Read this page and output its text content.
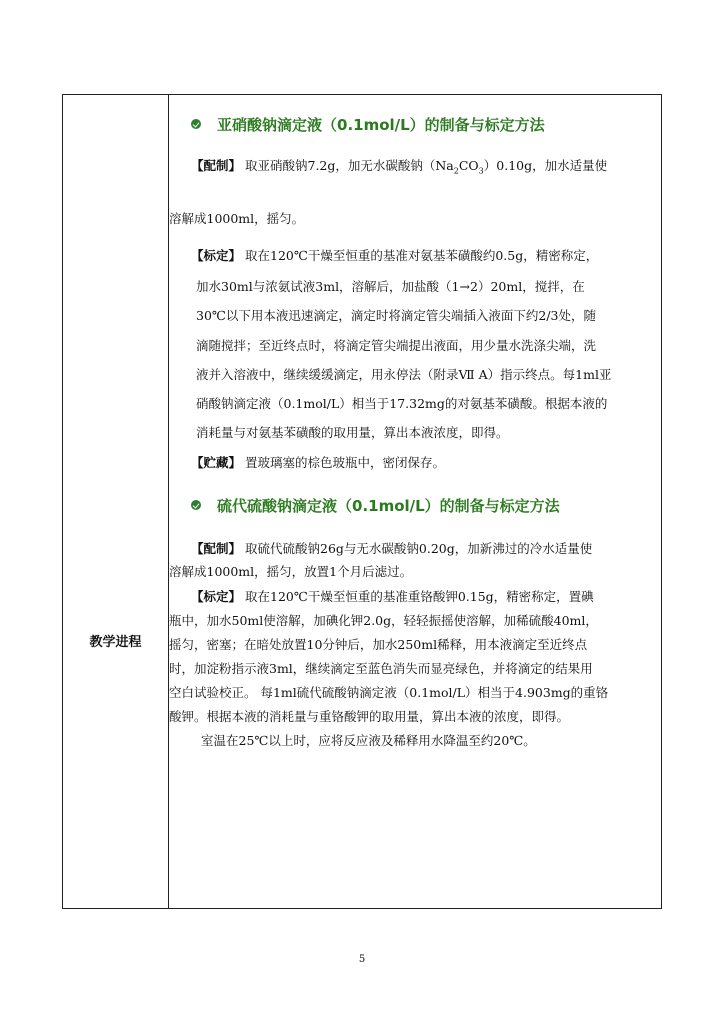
教学进程
亚硝酸钠滴定液（0.1mol/L）的制备与标定方法
【配制】 取亚硝酸钠7.2g，加无水碳酸钠$(Na_2CO_3)0.10g$，加水适量使
溶解成1000ml，摇匀。
【标定】 取在120℃干燥至恒重的基准对氨基苯磺酸约0.5g，精密称定，
加水30ml与浓氨试液3ml，溶解后，加盐酸（1→2）20ml，搅拌，在
30℃以下用本液迅速滴定，滴定时将滴定管尖端插入液面下约2/3处，随
滴随搅拌；至近终点时，将滴定管尖端提出液面，用少量水洗涤尖端，洗
液并入溶液中，继续缓缓滴定，用永停法（附录Ⅶ A）指示终点。每1ml亚
硝酸钠滴定液（0.1mol/L）相当于17.32mg的对氨基苯磺酸。根据本液的
消耗量与对氨基苯磺酸的取用量，算出本液浓度，即得。
【贮藏】 置玻璃塞的棕色玻瓶中，密闭保存。
硫代硫酸钠滴定液（0.1mol/L）的制备与标定方法
【配制】 取硫代硫酸钠26g与无水碳酸钠0.20g，加新沸过的冷水适量使
溶解成1000ml，摇匀，放置1个月后滤过。
【标定】 取在120℃干燥至恒重的基准重铬酸钾0.15g，精密称定，置碘
瓶中，加水50ml使溶解，加碘化钾2.0g，轻轻振摇使溶解，加稀硫酸40ml，
摇匀，密塞；在暗处放置10分钟后，加水250ml稀释，用本液滴定至近终点
时，加淀粉指示液3ml，继续滴定至蓝色消失而显亮绿色，并将滴定的结果用
空白试验校正。 每1ml硫代硫酸钠滴定液（0.1mol/L）相当于4.903mg的重铬
酸钾。根据本液的消耗量与重铬酸钾的取用量，算出本液的浓度，即得。
室温在25℃以上时，应将反应液及稀释用水降温至约20℃。
5
